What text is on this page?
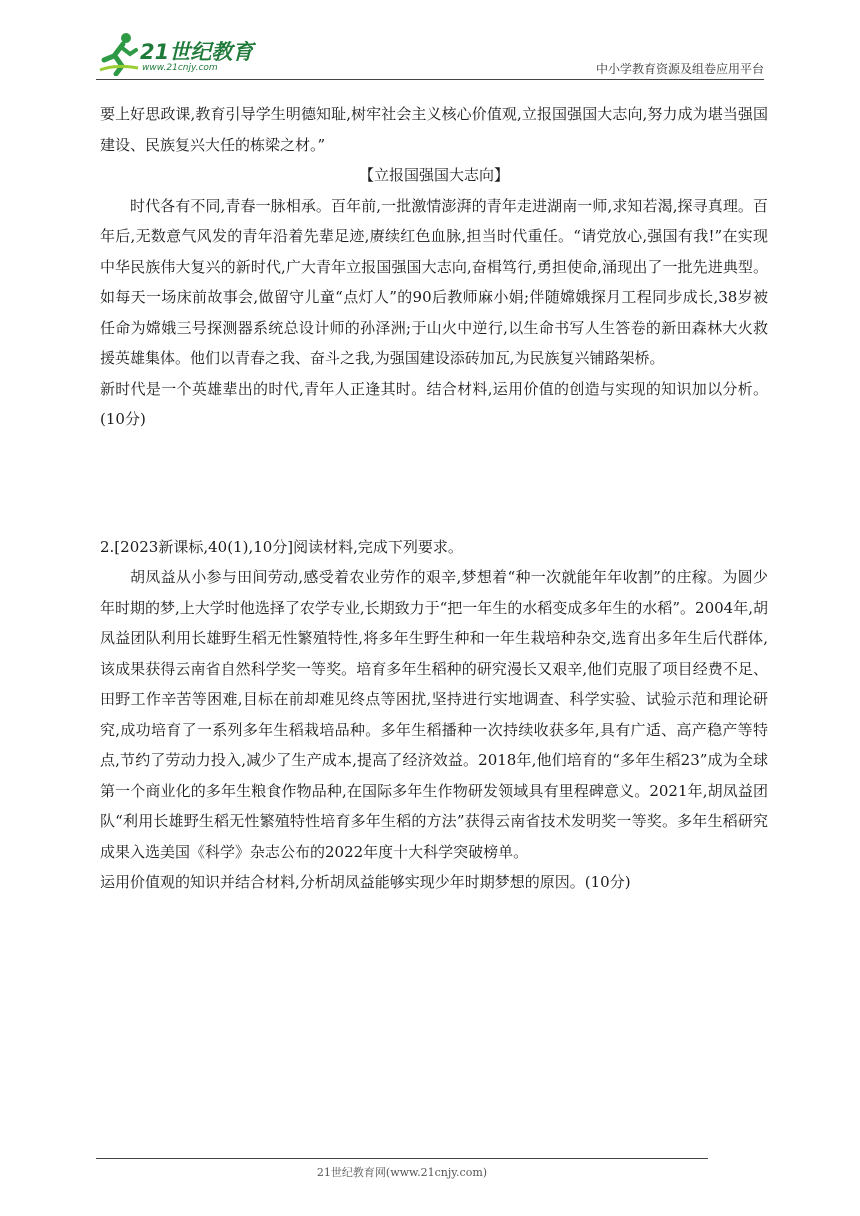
21世纪教育
www.21cnjy.com	中小学教育资源及组卷应用平台

要上好思政课,教育引导学生明德知耻,树牢社会主义核心价值观,立报国强国大志向,努力成为堪当强国建设、民族复兴大任的栋梁之材。”

【立报国强国大志向】

时代各有不同,青春一脉相承。百年前,一批激情澎湃的青年走进湖南一师,求知若渴,探寻真理。百年后,无数意气风发的青年沿着先辈足迹,赓续红色血脉,担当时代重任。“请党放心,强国有我!”在实现中华民族伟大复兴的新时代,广大青年立报国强国大志向,奋楫笃行,勇担使命,涌现出了一批先进典型。如每天一场床前故事会,做留守儿童“点灯人”的90后教师麻小娟;伴随嫦娥探月工程同步成长,38岁被任命为嫦娥三号探测器系统总设计师的孙泽洲;于山火中逆行,以生命书写人生答卷的新田森林大火救援英雄集体。他们以青春之我、奋斗之我,为强国建设添砖加瓦,为民族复兴铺路架桥。

新时代是一个英雄辈出的时代,青年人正逢其时。结合材料,运用价值的创造与实现的知识加以分析。(10分)

2.[2023新课标,40(1),10分]阅读材料,完成下列要求。

胡凤益从小参与田间劳动,感受着农业劳作的艰辛,梦想着“种一次就能年年收割”的庄稼。为圆少年时期的梦,上大学时他选择了农学专业,长期致力于“把一年生的水稻变成多年生的水稻”。2004年,胡凤益团队利用长雄野生稻无性繁殖特性,将多年生野生种和一年生栽培种杂交,选育出多年生后代群体,该成果获得云南省自然科学奖一等奖。培育多年生稻种的研究漫长又艰辛,他们克服了项目经费不足、田野工作辛苦等困难,目标在前却难见终点等困扰,坚持进行实地调查、科学实验、试验示范和理论研究,成功培育了一系列多年生稻栽培品种。多年生稻播种一次持续收获多年,具有广适、高产稳产等特点,节约了劳动力投入,减少了生产成本,提高了经济效益。2018年,他们培育的“多年生稻23”成为全球第一个商业化的多年生粮食作物品种,在国际多年生作物研发领域具有里程碑意义。2021年,胡凤益团队“利用长雄野生稻无性繁殖特性培育多年生稻的方法”获得云南省技术发明奖一等奖。多年生稻研究成果入选美国《科学》杂志公布的2022年度十大科学突破榜单。

运用价值观的知识并结合材料,分析胡凤益能够实现少年时期梦想的原因。(10分)

21世纪教育网(www.21cnjy.com)
